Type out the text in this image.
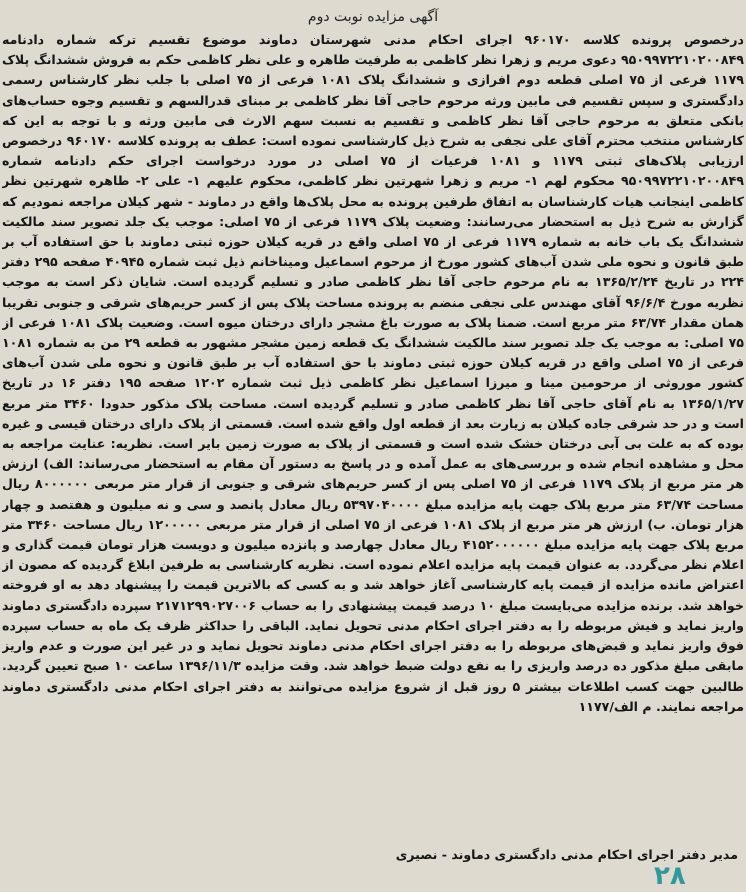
آگهی مزایده نوبت دوم

درخصوص پرونده کلاسه ۹۶۰۱۷۰ اجرای احکام مدنی شهرستان دماوند موضوع تقسیم ترکه شماره دادنامه ۹۵۰۹۹۷۲۲۱۰۲۰۰۸۴۹ دعوی مریم و زهرا نظر کاظمی به طرفیت طاهره و علی نظر کاظمی حکم به فروش ششدانگ پلاک ۱۱۷۹ فرعی از ۷۵ اصلی قطعه دوم افرازی و ششدانگ پلاک ۱۰۸۱ فرعی از ۷۵ اصلی با جلب نظر کارشناس رسمی دادگستری و سپس تقسیم فی مابین ورثه مرحوم حاجی آقا نظر کاظمی بر مبنای قدرالسهم و تقسیم وجوه حساب‌های بانکی متعلق به مرحوم حاجی آقا نظر کاظمی و تقسیم به نسبت سهم الارث فی مابین ورثه و با توجه به این که کارشناس منتخب محترم آقای علی نجفی به شرح ذیل کارشناسی نموده است: عطف به پرونده کلاسه ۹۶۰۱۷۰ درخصوص ارزیابی پلاک‌های ثبتی ۱۱۷۹ و ۱۰۸۱ فرعیات از ۷۵ اصلی در مورد درخواست اجرای حکم دادنامه شماره ۹۵۰۹۹۷۲۲۱۰۲۰۰۸۴۹ محکوم لهم ۱- مریم و زهرا شهرتین نظر کاظمی، محکوم علیهم ۱- علی ۲- طاهره شهرتین نظر کاظمی اینجانب هیات کارشناسان به اتفاق طرفین پرونده به محل پلاک‌ها واقع در دماوند - شهر کیلان مراجعه نمودیم که گزارش به شرح ذیل به استحضار می‌رسانند: وضعیت پلاک ۱۱۷۹ فرعی از ۷۵ اصلی: موجب یک جلد تصویر سند مالکیت ششدانگ یک باب خانه به شماره ۱۱۷۹ فرعی از ۷۵ اصلی واقع در قریه کیلان حوزه ثبتی دماوند با حق استفاده آب بر طبق قانون و نحوه ملی شدن آب‌های کشور مورخ از مرحوم اسماعیل ومیناخانم ذیل ثبت شماره ۴۰۹۴۵ صفحه ۲۹۵ دفتر ۲۲۴ در تاریخ ۱۳۶۵/۲/۲۴ به نام مرحوم حاجی آقا نظر کاظمی صادر و تسلیم گردیده است. شایان ذکر است به موجب نظریه مورخ ۹۶/۶/۴ آقای مهندس علی نجفی منضم به پرونده مساحت پلاک پس از کسر حریم‌های شرقی و جنوبی تقریبا همان مقدار ۶۳/۷۴ متر مربع است. ضمنا پلاک به صورت باغ مشجر دارای درختان میوه است. وضعیت پلاک ۱۰۸۱ فرعی از ۷۵ اصلی: به موجب یک جلد تصویر سند مالکیت ششدانگ یک قطعه زمین مشجر مشهور به قطعه ۲۹ من به شماره ۱۰۸۱ فرعی از ۷۵ اصلی واقع در قریه کیلان حوزه ثبتی دماوند با حق استفاده آب بر طبق قانون و نحوه ملی شدن آب‌های کشور موروثی از مرحومین مینا و میرزا اسماعیل نظر کاظمی ذیل ثبت شماره ۱۲۰۲ صفحه ۱۹۵ دفتر ۱۶ در تاریخ ۱۳۶۵/۱/۲۷ به نام آقای حاجی آقا نظر کاظمی صادر و تسلیم گردیده است. مساحت پلاک مذکور حدودا ۳۴۶۰ متر مربع است و در حد شرقی جاده کیلان به زیارت بعد از قطعه اول واقع شده است. قسمتی از پلاک دارای درختان قیسی و غیره بوده که به علت بی آبی درختان خشک شده است و قسمتی از پلاک به صورت زمین بایر است. نظریه: عنایت مراجعه به محل و مشاهده انجام شده و بررسی‌های به عمل آمده و در پاسخ به دستور آن مقام به استحضار می‌رساند: الف) ارزش هر متر مربع از پلاک ۱۱۷۹ فرعی از ۷۵ اصلی پس از کسر حریم‌های شرقی و جنوبی از قرار متر مربعی ۸۰۰۰۰۰۰ ریال مساحت ۶۳/۷۴ متر مربع پلاک جهت پایه مزایده مبلغ ۵۳۹۷۰۴۰۰۰۰ ریال معادل پانصد و سی و نه میلیون و هفتصد و چهار هزار تومان. ب) ارزش هر متر مربع از پلاک ۱۰۸۱ فرعی از ۷۵ اصلی از قرار متر مربعی ۱۲۰۰۰۰۰ ریال مساحت ۳۴۶۰ متر مربع پلاک جهت پایه مزایده مبلغ ۴۱۵۲۰۰۰۰۰۰ ریال معادل چهارصد و پانزده میلیون و دویست هزار تومان قیمت گذاری و اعلام نظر می‌گردد. به عنوان قیمت پایه مزایده اعلام نموده است. نظریه کارشناسی به طرفین ابلاغ گردیده که مصون از اعتراض مانده مزایده از قیمت پایه کارشناسی آغاز خواهد شد و به کسی که بالاترین قیمت را پیشنهاد دهد به او فروخته خواهد شد. برنده مزایده می‌بایست مبلغ ۱۰ درصد قیمت پیشنهادی را به حساب ۲۱۷۱۲۹۹۰۲۷۰۰۶ سپرده دادگستری دماوند واریز نماید و فیش مربوطه را به دفتر اجرای احکام مدنی تحویل نماید. الباقی را حداکثر ظرف یک ماه به حساب سپرده فوق واریز نماید و قبض‌های مربوطه را به دفتر اجرای احکام مدنی دماوند تحویل نماید و در غیر این صورت و عدم واریز مابقی مبلغ مذکور ده درصد واریزی را به نفع دولت ضبط خواهد شد. وقت مزایده ۱۳۹۶/۱۱/۳ ساعت ۱۰ صبح تعیین گردید. طالبین جهت کسب اطلاعات بیشتر ۵ روز قبل از شروع مزایده می‌توانند به دفتر اجرای احکام مدنی دادگستری دماوند مراجعه نمایند. م الف/۱۱۷۷

مدیر دفتر اجرای احکام مدنی دادگستری دماوند - نصیری
۲۸
